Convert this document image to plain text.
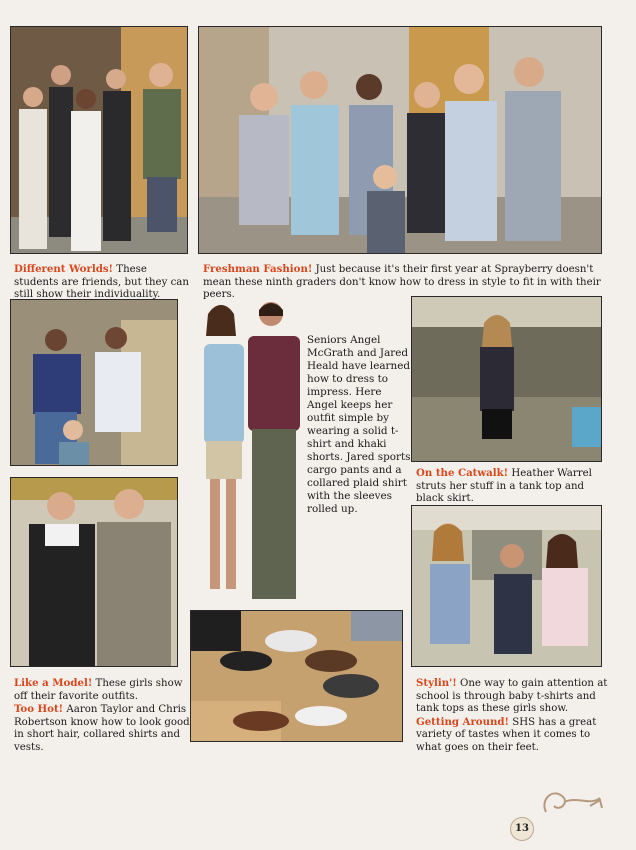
Different Worlds! These students are friends, but they can still show their individuality.

Freshman Fashion! Just because it's their first year at Sprayberry doesn't mean these ninth graders don't know how to dress in style to fit in with their peers.

Seniors Angel McGrath and Jared Heald have learned how to dress to impress. Here Angel keeps her outfit simple by wearing a solid t-shirt and khaki shorts. Jared sports cargo pants and a collared plaid shirt with the sleeves rolled up.

On the Catwalk! Heather Warrel struts her stuff in a tank top and black skirt.

Like a Model! These girls show off their favorite outfits.

Too Hot! Aaron Taylor and Chris Robertson know how to look good in short hair, collared shirts and vests.

Stylin'! One way to gain attention at school is through baby t-shirts and tank tops as these girls show.

Getting Around! SHS has a great variety of tastes when it comes to what goes on their feet.

13
